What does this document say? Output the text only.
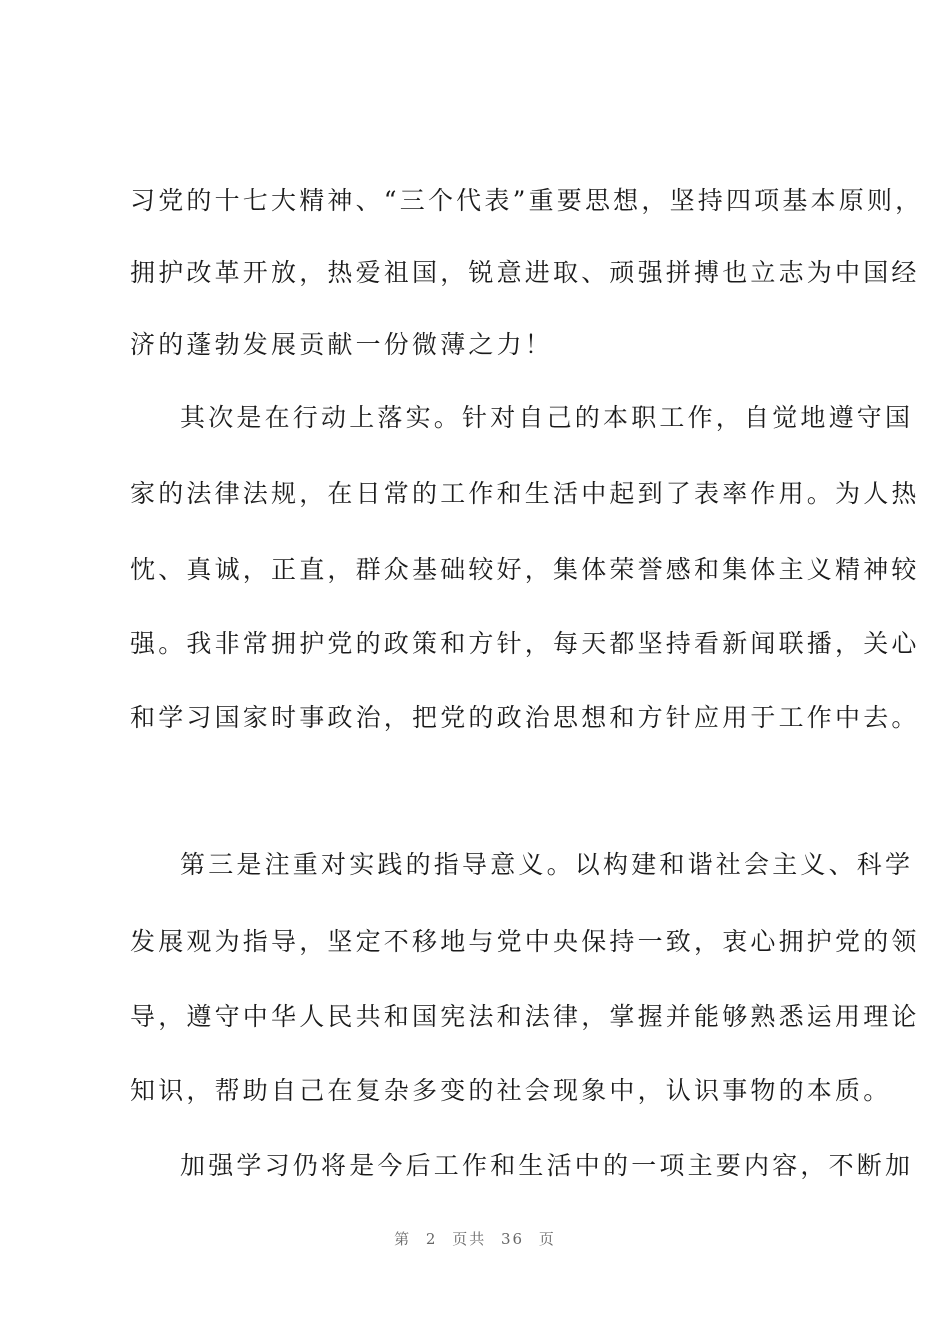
习党的十七大精神、“三个代表”重要思想，坚持四项基本原则，

拥护改革开放，热爱祖国，锐意进取、顽强拼搏也立志为中国经

济的蓬勃发展贡献一份微薄之力！

其次是在行动上落实。针对自己的本职工作，自觉地遵守国

家的法律法规，在日常的工作和生活中起到了表率作用。为人热

忱、真诚，正直，群众基础较好，集体荣誉感和集体主义精神较

强。我非常拥护党的政策和方针，每天都坚持看新闻联播，关心

和学习国家时事政治，把党的政治思想和方针应用于工作中去。

第三是注重对实践的指导意义。以构建和谐社会主义、科学

发展观为指导，坚定不移地与党中央保持一致，衷心拥护党的领

导，遵守中华人民共和国宪法和法律，掌握并能够熟悉运用理论

知识，帮助自己在复杂多变的社会现象中，认识事物的本质。

加强学习仍将是今后工作和生活中的一项主要内容，不断加

第 2 页共 36 页
